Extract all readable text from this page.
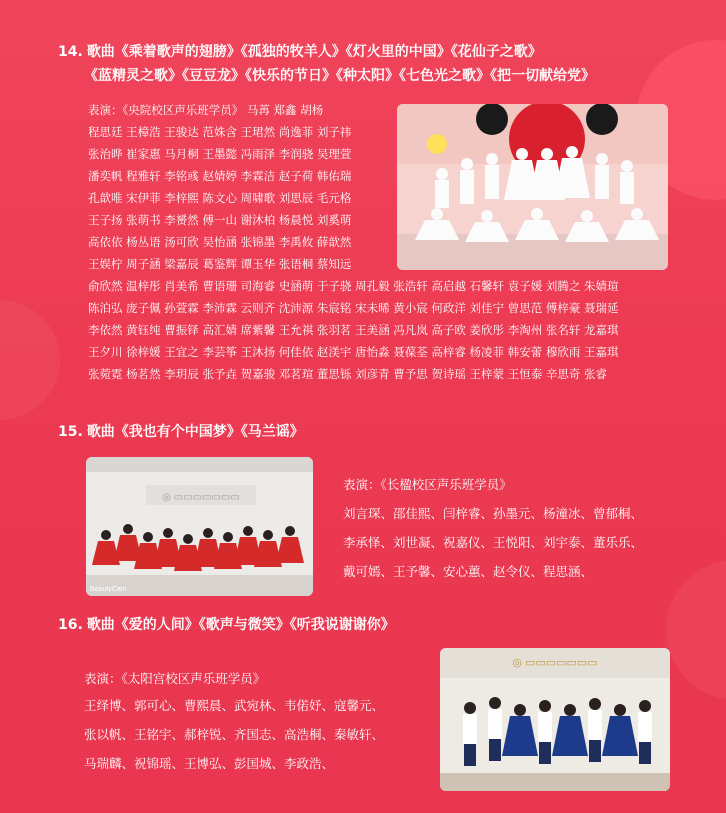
14. 歌曲《乘着歌声的翅膀》《孤独的牧羊人》《灯火里的中国》《花仙子之歌》
《蓝精灵之歌》《豆豆龙》《快乐的节日》《种太阳》《七色光之歌》《把一切献给党》
表演：《央院校区声乐班学员》 马苒 郑鑫 胡杨
程思廷 王樟浩 王骏达 范姝含 王珺然 尚逸菲 刘子祎
张治晔 崔家惠 马月桐 王墨懿 冯雨泽 李润骁 吴理萱
潘奕帆 程雅轩 李铭彧 赵婧婷 李霖洁 赵子荷 韩佑瑞
孔歆唯 宋伊菲 李梓熙 陈文心 周啸歌 刘思辰 毛元格
王子扬 张萌书 李赟然 傅一山 谢沐柏 杨晨悦 刘奚萌
高依依 杨丛语 汤可欣 吴怡涵 张锦墨 李禹攸 薛歆然
王娱柠 周子涵 梁嘉辰 葛鉴辉 谭玉华 张语桐 蔡知远
俞欣然 温梓彤 肖美希 曹语珊 司海睿 史涵萌 于子骁 周孔毅 张浩轩 高启越 石馨轩 袁子媛 刘腾之 朱婧瑄
陈泊弘 庞子佩 孙萱霖 李沛霖 云则齐 沈沛源 朱宸铭 宋未晞 黄小宸 何政洋 刘佳宁 曾思范 傅梓豪 聂瑞延
李依然 黄钰纯 曹振铎 高汇婧 席紫馨 王允祺 张羽茗 王美涵 冯凡岚 高子欧 姜欣彤 李淘州 张名轩 龙嘉琪
王夕川 徐梓媛 王宜之 李芸筝 王沐扬 何佳依 赵渼宇 唐怡淼 聂葆荃 高梓睿 杨凌菲 韩安蕾 穆欣雨 王嘉琪
张菀霓 杨茗然 李玥辰 张予垚 贺嘉骏 邓茗瑄 董思铄 刘彦青 曹予思 贺诗瑶 王梓蒙 王恒泰 辛思奇 张睿
15. 歌曲《我也有个中国梦》《马兰谣》
◎ ▭▭▭▭▭▭▭
BeautyCam
表演：《长楹校区声乐班学员》
刘言琛、邵佳熙、闫梓睿、孙墨元、杨潼冰、曾郁桐、
李承怿、刘世凝、祝嘉仪、王悦阳、刘宇泰、董乐乐、
戴可嫣、王予馨、安心蕙、赵令仪、程思涵、
16. 歌曲《爱的人间》《歌声与微笑》《听我说谢谢你》
表演：《太阳宫校区声乐班学员》
王绎博、郭可心、曹熙晨、武宛林、韦偌妤、寇馨元、
张以帆、王铭宇、郝梓锐、齐国志、高浩桐、秦敏轩、
马瑞麟、祝锦瑶、王博弘、彭国城、李政浩、
◎ ▭▭▭▭▭▭▭
